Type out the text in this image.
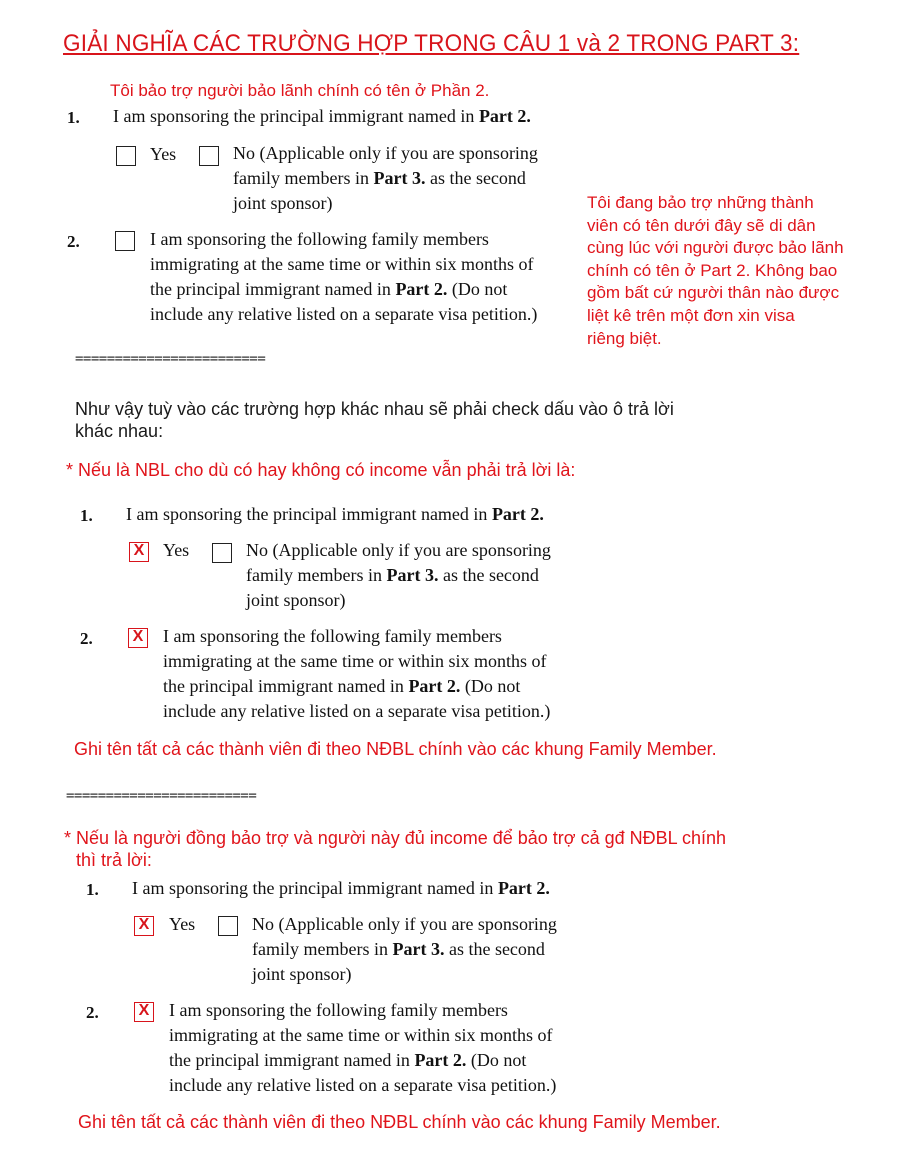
GIẢI NGHĨA CÁC TRƯỜNG HỢP TRONG CÂU 1 và 2 TRONG PART 3:
Tôi bảo trợ người bảo lãnh chính có tên ở Phần 2.
1. I am sponsoring the principal immigrant named in Part 2.
Yes	No (Applicable only if you are sponsoring
family members in Part 3. as the second
joint sponsor)
2.	I am sponsoring the following family members
immigrating at the same time or within six months of
the principal immigrant named in Part 2. (Do not
include any relative listed on a separate visa petition.)
Tôi đang bảo trợ những thành
viên có tên dưới đây sẽ di dân
cùng lúc với người được bảo lãnh
chính có tên ở Part 2. Không bao
gồm bất cứ người thân nào được
liệt kê trên một đơn xin visa
riêng biệt.
========================
Như vậy tuỳ vào các trường hợp khác nhau sẽ phải check dấu vào ô trả lời
khác nhau:
* Nếu là NBL cho dù có hay không có income vẫn phải trả lời là:
1. I am sponsoring the principal immigrant named in Part 2.
X Yes	No (Applicable only if you are sponsoring
family members in Part 3. as the second
joint sponsor)
2. X I am sponsoring the following family members
immigrating at the same time or within six months of
the principal immigrant named in Part 2. (Do not
include any relative listed on a separate visa petition.)
Ghi tên tất cả các thành viên đi theo NĐBL chính vào các khung Family Member.
========================
* Nếu là người đồng bảo trợ và người này đủ income để bảo trợ cả gđ NĐBL chính
thì trả lời:
1. I am sponsoring the principal immigrant named in Part 2.
X Yes	No (Applicable only if you are sponsoring
family members in Part 3. as the second
joint sponsor)
2. X I am sponsoring the following family members
immigrating at the same time or within six months of
the principal immigrant named in Part 2. (Do not
include any relative listed on a separate visa petition.)
Ghi tên tất cả các thành viên đi theo NĐBL chính vào các khung Family Member.
